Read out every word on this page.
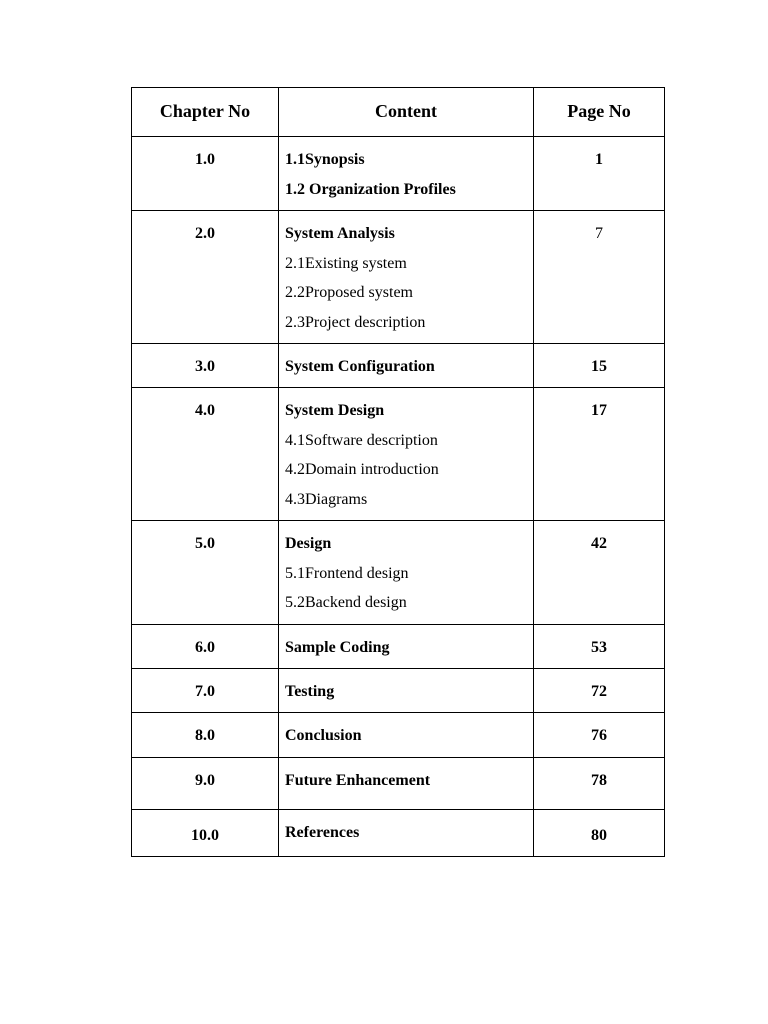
Chapter No	Content	Page No
1.0	1.1Synopsis
1.2 Organization Profiles	1
2.0	System Analysis
2.1Existing system
2.2Proposed system
2.3Project description	7
3.0	System Configuration	15
4.0	System Design
4.1Software description
4.2Domain introduction
4.3Diagrams	17
5.0	Design
5.1Frontend design
5.2Backend design	42
6.0	Sample Coding	53
7.0	Testing	72
8.0	Conclusion	76
9.0	Future Enhancement	78
10.0	References	80
